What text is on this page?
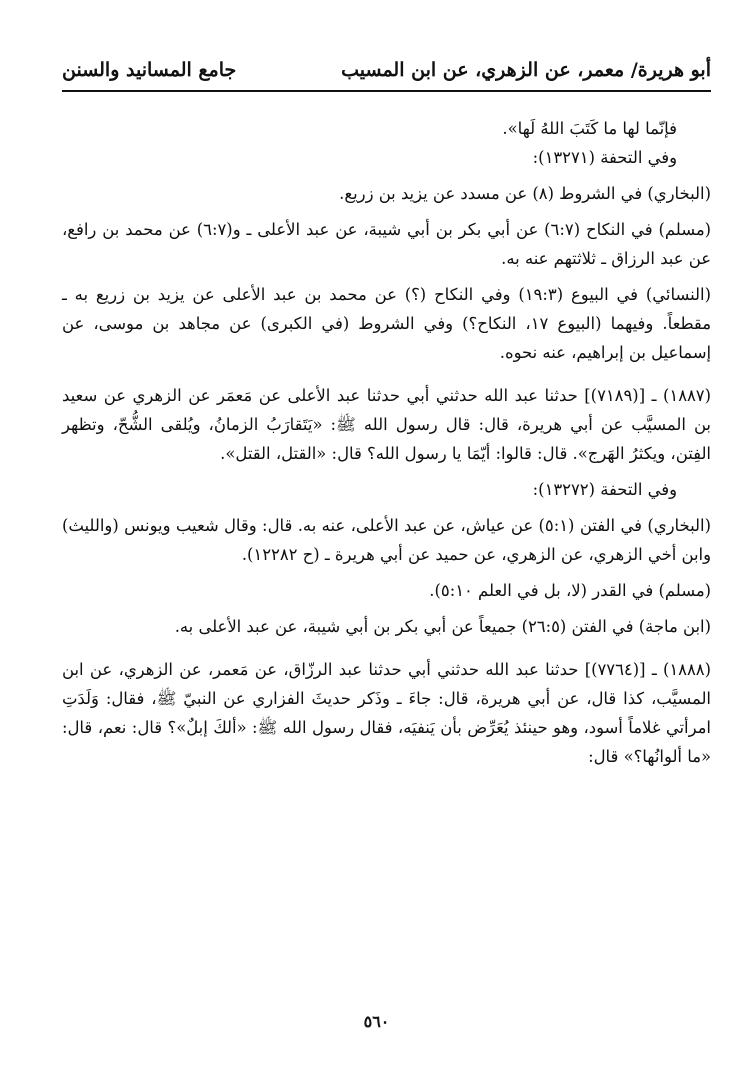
أبو هريرة/ معمر، عن الزهري، عن ابن المسيب
جامع المسانيد والسنن

فإنّما لها ما كَتَبَ اللهُ لَها».

وفي التحفة (١٣٢٧١):

(البخاري) في الشروط (٨) عن مسدد عن يزيد بن زريع.

(مسلم) في النكاح (٦:٧) عن أبي بكر بن أبي شيبة، عن عبد الأعلى ـ و(٦:٧) عن محمد بن رافع، عن عبد الرزاق ـ ثلاثتهم عنه به.

(النسائي) في البيوع (١٩:٣) وفي النكاح (؟) عن محمد بن عبد الأعلى عن يزيد بن زريع به ـ مقطعاً. وفيهما (البيوع ١٧، النكاح؟) وفي الشروط (في الكبرى) عن مجاهد بن موسى، عن إسماعيل بن إبراهيم، عنه نحوه.

(١٨٨٧) ـ [(٧١٨٩)] حدثنا عبد الله حدثني أبي حدثنا عبد الأعلى عن مَعمَر عن الزهري عن سعيد بن المسيَّب عن أبي هريرة، قال: قال رسول الله ﷺ: «يَتَقارَبُ الزمانُ، ويُلقى الشُّحّ، وتظهر الفِتن، ويكثرُ الهَرج». قال: قالوا: أيّمَا يا رسول الله؟ قال: «القتل، القتل».

وفي التحفة (١٣٢٧٢):

(البخاري) في الفتن (٥:١) عن عياش، عن عبد الأعلى، عنه به. قال: وقال شعيب ويونس (والليث) وابن أخي الزهري، عن الزهري، عن حميد عن أبي هريرة ـ (ح ١٢٢٨٢).

(مسلم) في القدر (لا، بل في العلم ٥:١٠).

(ابن ماجة) في الفتن (٢٦:٥) جميعاً عن أبي بكر بن أبي شيبة، عن عبد الأعلى به.

(١٨٨٨) ـ [(٧٧٦٤)] حدثنا عبد الله حدثني أبي حدثنا عبد الرزّاق، عن مَعمر، عن الزهري، عن ابن المسيَّب، كذا قال، عن أبي هريرة، قال: جاءَ ـ وذَكر حديثَ الفزاري عن النبيّ ﷺ، فقال: وَلَدَتِ امرأتي غلاماً أسود، وهو حينئذ يُعَرِّض بأن يَنفيَه، فقال رسول الله ﷺ: «ألكَ إبلٌ»؟ قال: نعم، قال: «ما ألوانُها؟» قال:

٥٦٠
